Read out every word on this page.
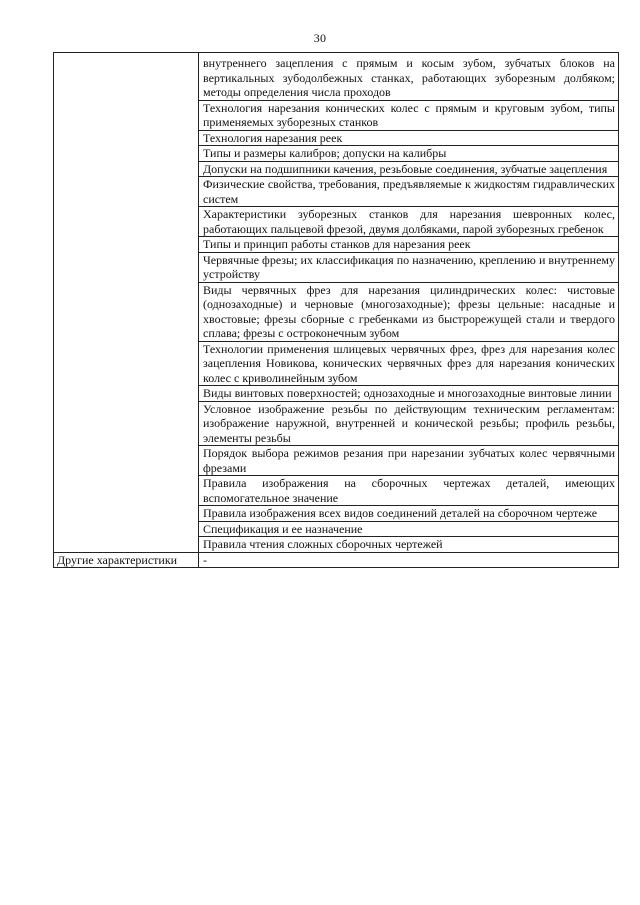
30
	внутреннего зацепления с прямым и косым зубом, зубчатых блоков на вертикальных зубодолбежных станках, работающих зуборезным долбяком; методы определения числа проходов
	Технология нарезания конических колес с прямым и круговым зубом, типы применяемых зуборезных станков
	Технология нарезания реек
	Типы и размеры калибров; допуски на калибры
	Допуски на подшипники качения, резьбовые соединения, зубчатые зацепления
	Физические свойства, требования, предъявляемые к жидкостям гидравлических систем
	Характеристики зуборезных станков для нарезания шевронных колес, работающих пальцевой фрезой, двумя долбяками, парой зуборезных гребенок
	Типы и принцип работы станков для нарезания реек
	Червячные фрезы; их классификация по назначению, креплению и внутреннему устройству
	Виды червячных фрез для нарезания цилиндрических колес: чистовые (однозаходные) и черновые (многозаходные); фрезы цельные: насадные и хвостовые; фрезы сборные с гребенками из быстрорежущей стали и твердого сплава; фрезы с остроконечным зубом
	Технологии применения шлицевых червячных фрез, фрез для нарезания колес зацепления Новикова, конических червячных фрез для нарезания конических колес с криволинейным зубом
	Виды винтовых поверхностей; однозаходные и многозаходные винтовые линии
	Условное изображение резьбы по действующим техническим регламентам: изображение наружной, внутренней и конической резьбы; профиль резьбы, элементы резьбы
	Порядок выбора режимов резания при нарезании зубчатых колес червячными фрезами
	Правила изображения на сборочных чертежах деталей, имеющих вспомогательное значение
	Правила изображения всех видов соединений деталей на сборочном чертеже
	Спецификация и ее назначение
	Правила чтения сложных сборочных чертежей
Другие характеристики	-
